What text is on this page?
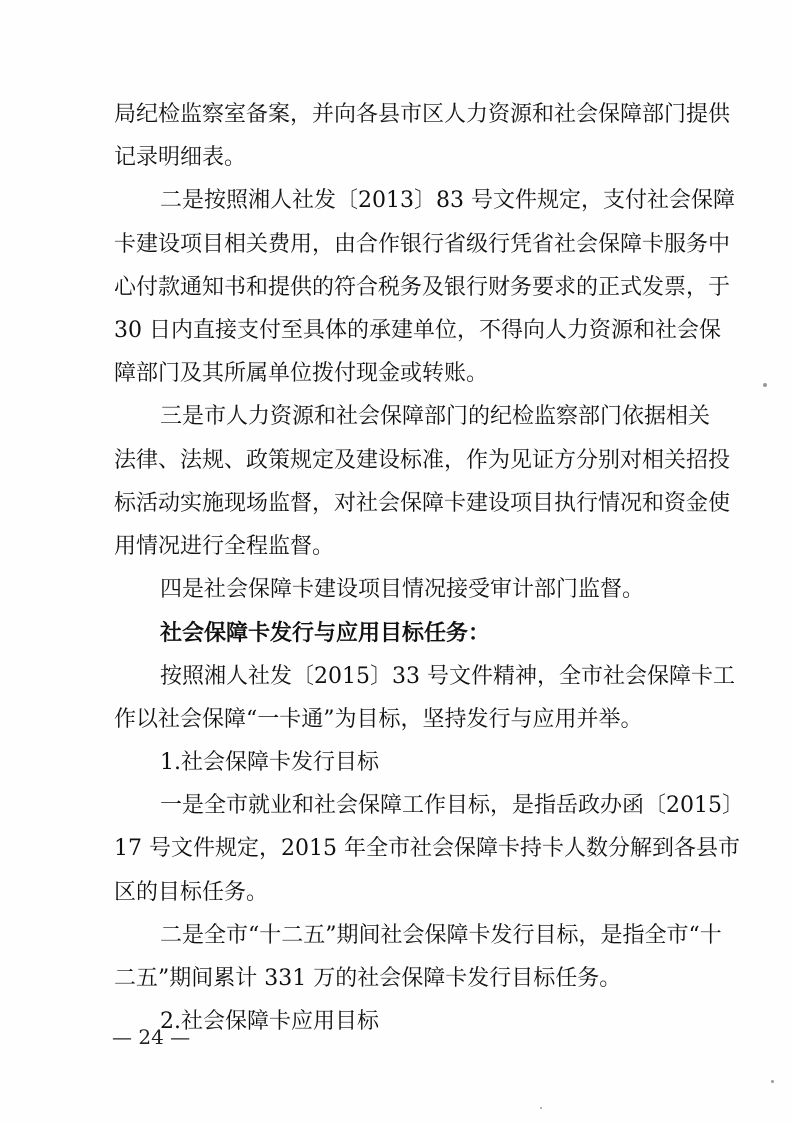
局纪检监察室备案，并向各县市区人力资源和社会保障部门提供
记录明细表。
二是按照湘人社发〔2013〕83 号文件规定，支付社会保障
卡建设项目相关费用，由合作银行省级行凭省社会保障卡服务中
心付款通知书和提供的符合税务及银行财务要求的正式发票，于
30 日内直接支付至具体的承建单位，不得向人力资源和社会保
障部门及其所属单位拨付现金或转账。
三是市人力资源和社会保障部门的纪检监察部门依据相关
法律、法规、政策规定及建设标准，作为见证方分别对相关招投
标活动实施现场监督，对社会保障卡建设项目执行情况和资金使
用情况进行全程监督。
四是社会保障卡建设项目情况接受审计部门监督。
社会保障卡发行与应用目标任务：
按照湘人社发〔2015〕33 号文件精神，全市社会保障卡工
作以社会保障“一卡通”为目标，坚持发行与应用并举。
1.社会保障卡发行目标
一是全市就业和社会保障工作目标，是指岳政办函〔2015〕
17 号文件规定，2015 年全市社会保障卡持卡人数分解到各县市
区的目标任务。
二是全市“十二五”期间社会保障卡发行目标，是指全市“十
二五”期间累计 331 万的社会保障卡发行目标任务。
2.社会保障卡应用目标
— 24 —
